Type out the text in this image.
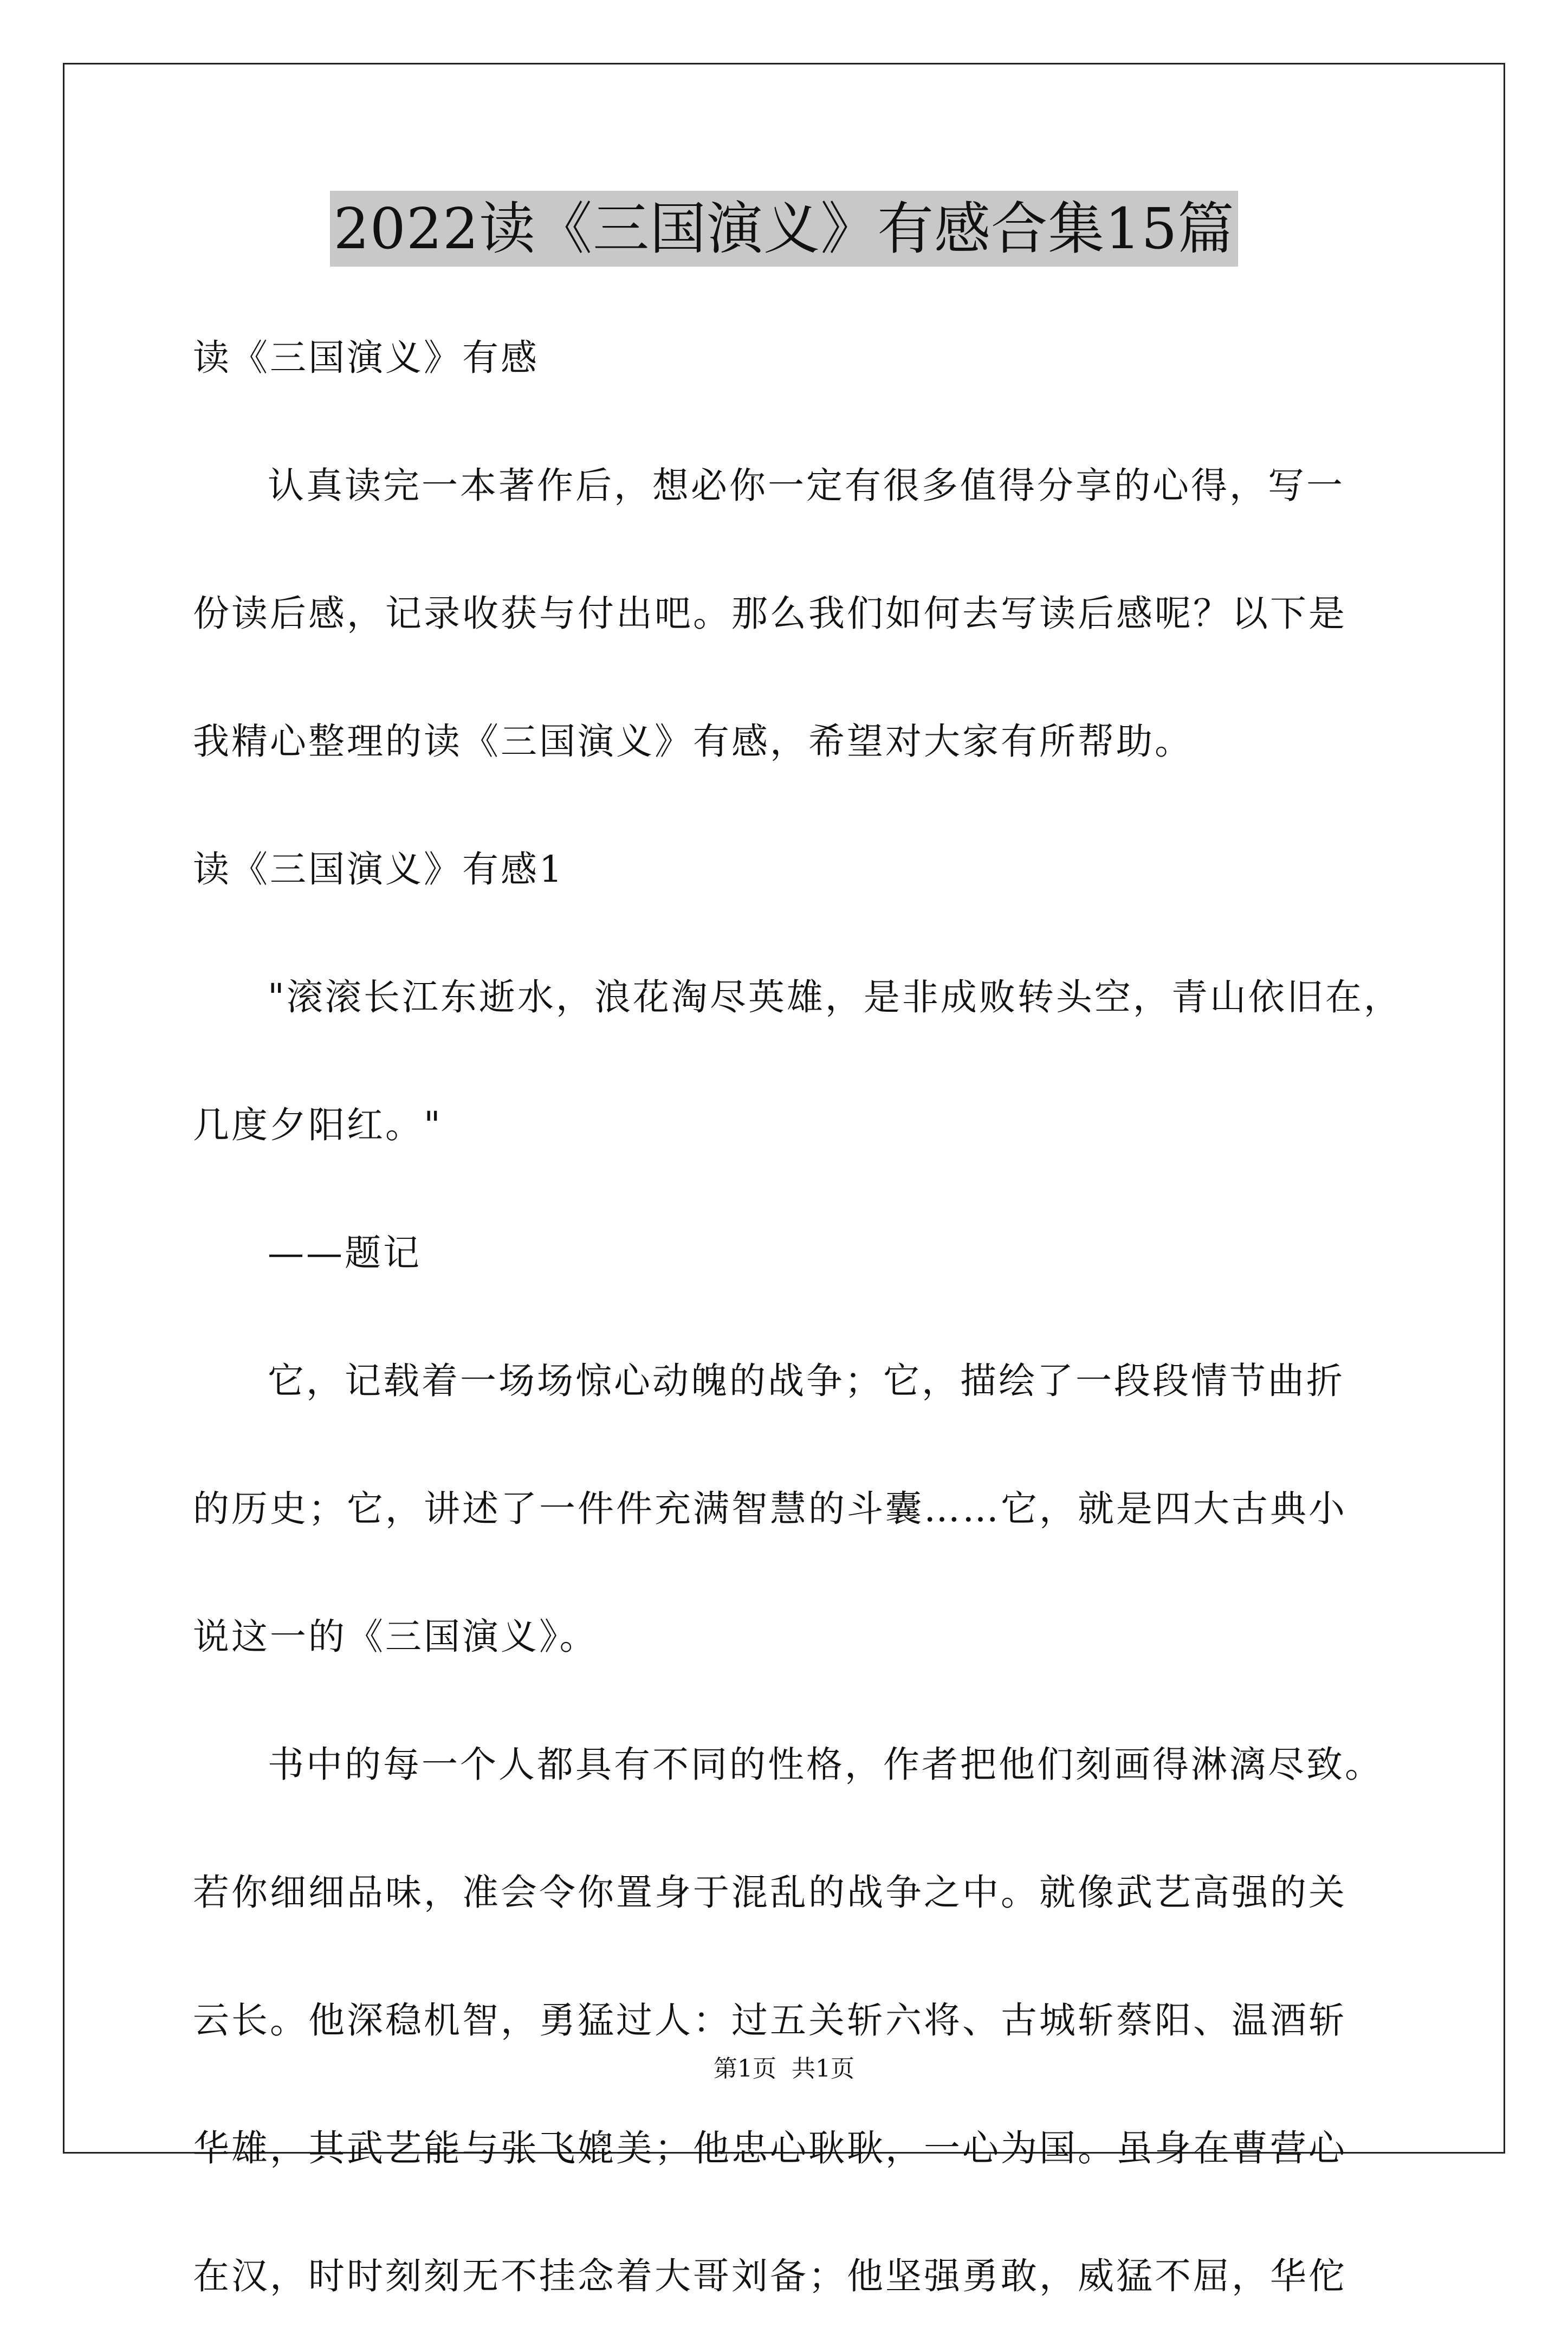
2022读《三国演义》有感合集15篇

读《三国演义》有感

认真读完一本著作后，想必你一定有很多值得分享的心得，写一

份读后感，记录收获与付出吧。那么我们如何去写读后感呢？以下是

我精心整理的读《三国演义》有感，希望对大家有所帮助。

读《三国演义》有感1

"滚滚长江东逝水，浪花淘尽英雄，是非成败转头空，青山依旧在，

几度夕阳红。"

——题记

它，记载着一场场惊心动魄的战争；它，描绘了一段段情节曲折

的历史；它，讲述了一件件充满智慧的斗囊……它，就是四大古典小

说这一的《三国演义》。

书中的每一个人都具有不同的性格，作者把他们刻画得淋漓尽致。

若你细细品味，准会令你置身于混乱的战争之中。就像武艺高强的关

云长。他深稳机智，勇猛过人：过五关斩六将、古城斩蔡阳、温酒斩

华雄，其武艺能与张飞媲美；他忠心耿耿，一心为国。虽身在曹营心

在汉，时时刻刻无不挂念着大哥刘备；他坚强勇敢，威猛不屈，华佗

第1页 共1页
